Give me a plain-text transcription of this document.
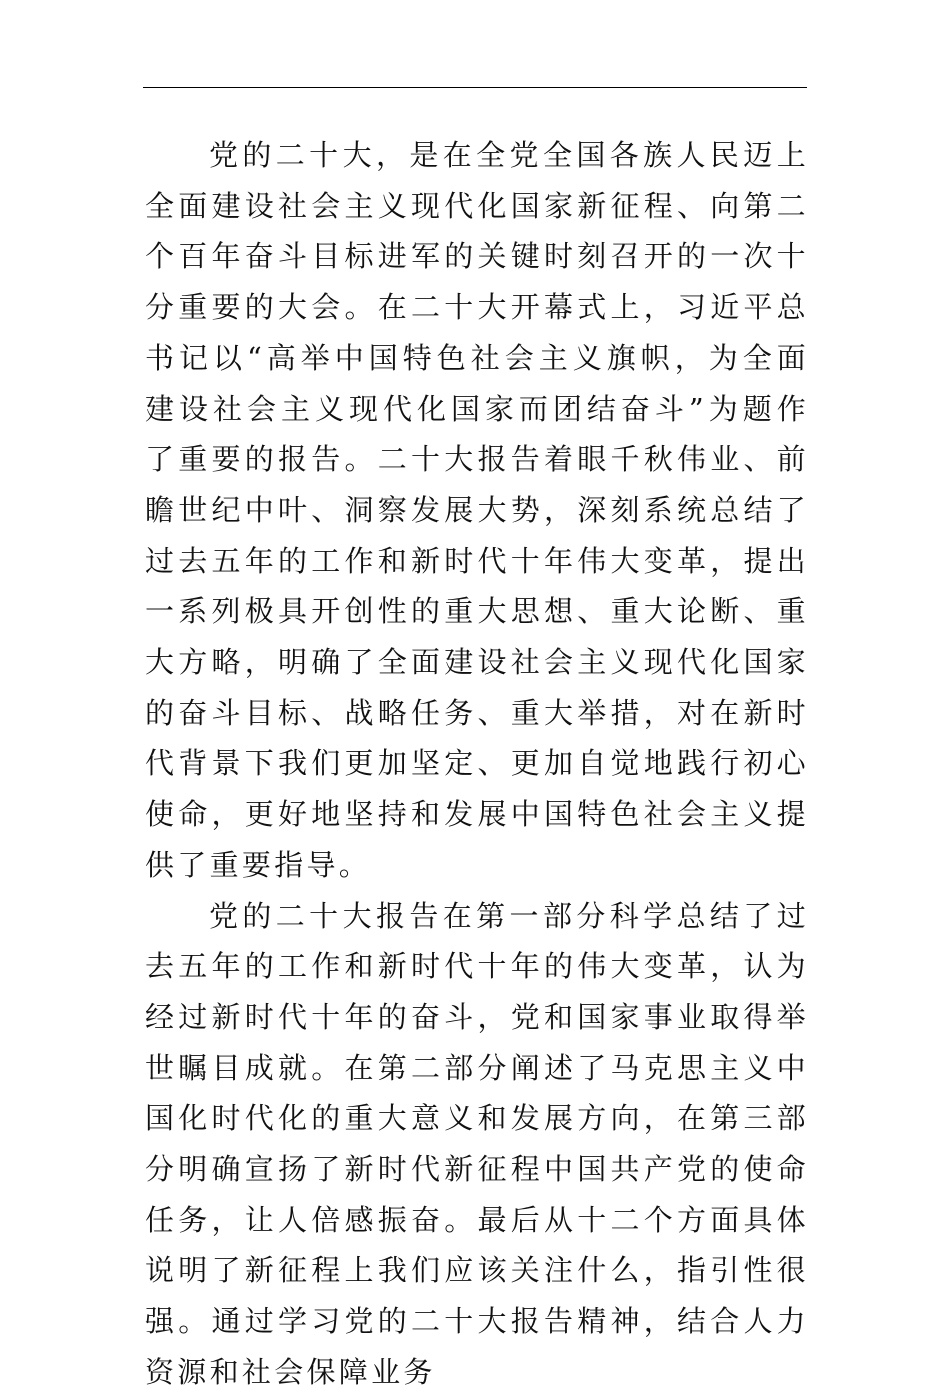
党的二十大，是在全党全国各族人民迈上全面建设社会主义现代化国家新征程、向第二个百年奋斗目标进军的关键时刻召开的一次十分重要的大会。在二十大开幕式上，习近平总书记以“高举中国特色社会主义旗帜，为全面建设社会主义现代化国家而团结奋斗”为题作了重要的报告。二十大报告着眼千秋伟业、前瞻世纪中叶、洞察发展大势，深刻系统总结了过去五年的工作和新时代十年伟大变革，提出一系列极具开创性的重大思想、重大论断、重大方略，明确了全面建设社会主义现代化国家的奋斗目标、战略任务、重大举措，对在新时代背景下我们更加坚定、更加自觉地践行初心使命，更好地坚持和发展中国特色社会主义提供了重要指导。

党的二十大报告在第一部分科学总结了过去五年的工作和新时代十年的伟大变革，认为经过新时代十年的奋斗，党和国家事业取得举世瞩目成就。在第二部分阐述了马克思主义中国化时代化的重大意义和发展方向，在第三部分明确宣扬了新时代新征程中国共产党的使命任务，让人倍感振奋。最后从十二个方面具体说明了新征程上我们应该关注什么，指引性很强。通过学习党的二十大报告精神，结合人力资源和社会保障业务
